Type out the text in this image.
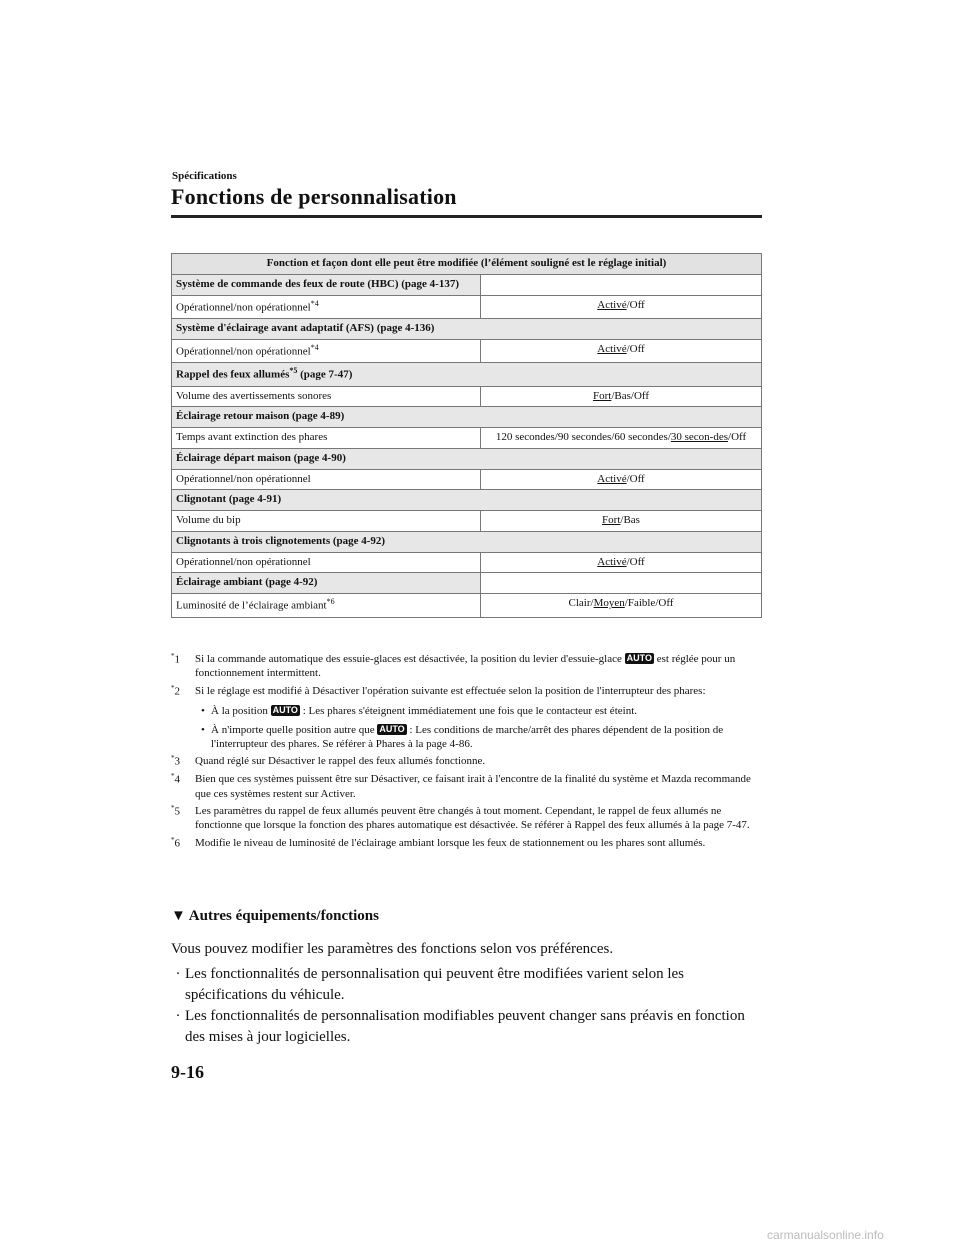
Spécifications
Fonctions de personnalisation
Fonction et façon dont elle peut être modifiée (l’élément souligné est le réglage initial)	
Système de commande des feux de route (HBC) (page 4-137)	
Opérationnel/non opérationnel$^{*4}$	Activé/Off
Système d'éclairage avant adaptatif (AFS) (page 4-136)	
Opérationnel/non opérationnel$^{*4}$	Activé/Off
Rappel des feux allumés$^{*5}$ (page 7-47)	
Volume des avertissements sonores	Fort/Bas/Off
Éclairage retour maison (page 4-89)	
Temps avant extinction des phares	120 secondes/90 secondes/60 secondes/30 secon-des/Off
Éclairage départ maison (page 4-90)	
Opérationnel/non opérationnel	Activé/Off
Clignotant (page 4-91)	
Volume du bip	Fort/Bas
Clignotants à trois clignotements (page 4-92)	
Opérationnel/non opérationnel	Activé/Off
Éclairage ambiant (page 4-92)	
Luminosité de l’éclairage ambiant$^{*6}$	Clair/Moyen/Faible/Off
*1	Si la commande automatique des essuie-glaces est désactivée, la position du levier d'essuie-glace AUTO est réglée pour un fonctionnement intermittent.
*2	Si le réglage est modifié à Désactiver l'opération suivante est effectuée selon la position de l'interrupteur des phares:
• À la position AUTO : Les phares s'éteignent immédiatement une fois que le contacteur est éteint.
• À n'importe quelle position autre que AUTO : Les conditions de marche/arrêt des phares dépendent de la position de l'interrupteur des phares. Se référer à Phares à la page 4-86.
*3	Quand réglé sur Désactiver le rappel des feux allumés fonctionne.
*4	Bien que ces systèmes puissent être sur Désactiver, ce faisant irait à l'encontre de la finalité du système et Mazda recommande que ces systèmes restent sur Activer.
*5	Les paramètres du rappel de feux allumés peuvent être changés à tout moment. Cependant, le rappel de feux allumés ne fonctionne que lorsque la fonction des phares automatique est désactivée. Se référer à Rappel des feux allumés à la page 7-47.
*6	Modifie le niveau de luminosité de l'éclairage ambiant lorsque les feux de stationnement ou les phares sont allumés.
▼ Autres équipements/fonctions
Vous pouvez modifier les paramètres des fonctions selon vos préférences.
· Les fonctionnalités de personnalisation qui peuvent être modifiées varient selon les spécifications du véhicule.
· Les fonctionnalités de personnalisation modifiables peuvent changer sans préavis en fonction des mises à jour logicielles.
9-16
carmanualsonline.info
